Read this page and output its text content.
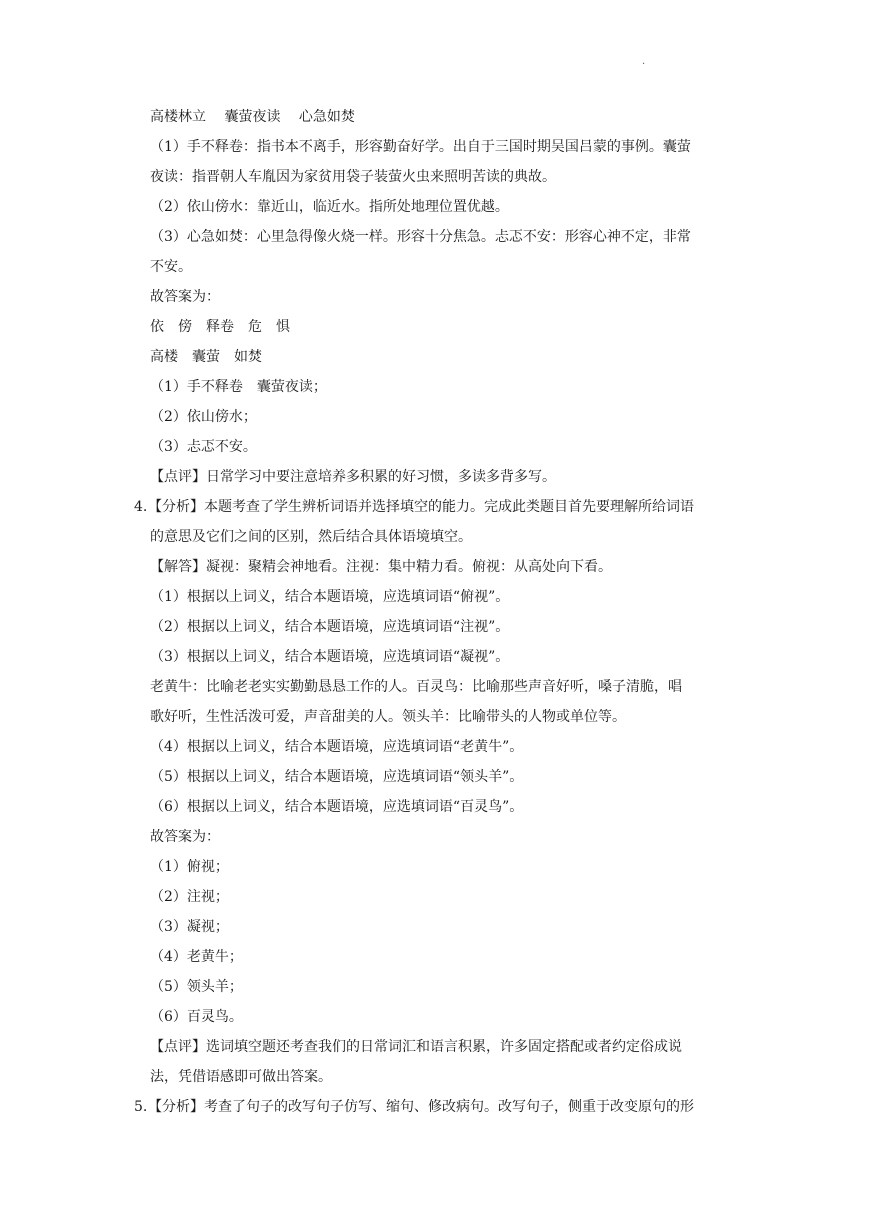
.
高楼林立　 囊萤夜读　 心急如焚
（1）手不释卷：指书本不离手，形容勤奋好学。出自于三国时期吴国吕蒙的事例。囊萤
夜读：指晋朝人车胤因为家贫用袋子装萤火虫来照明苦读的典故。
（2）依山傍水：靠近山，临近水。指所处地理位置优越。
（3）心急如焚：心里急得像火烧一样。形容十分焦急。忐忑不安：形容心神不定，非常
不安。
故答案为：
依　傍　释卷　危　惧
高楼　囊萤　如焚
（1）手不释卷　囊萤夜读；
（2）依山傍水；
（3）忐忑不安。
【点评】日常学习中要注意培养多积累的好习惯，多读多背多写。
4.【分析】本题考查了学生辨析词语并选择填空的能力。完成此类题目首先要理解所给词语
的意思及它们之间的区别，然后结合具体语境填空。
【解答】凝视：聚精会神地看。注视：集中精力看。俯视：从高处向下看。
（1）根据以上词义，结合本题语境，应选填词语“俯视”。
（2）根据以上词义，结合本题语境，应选填词语“注视”。
（3）根据以上词义，结合本题语境，应选填词语“凝视”。
老黄牛：比喻老老实实勤勤恳恳工作的人。百灵鸟：比喻那些声音好听，嗓子清脆，唱
歌好听，生性活泼可爱，声音甜美的人。领头羊：比喻带头的人物或单位等。
（4）根据以上词义，结合本题语境，应选填词语“老黄牛”。
（5）根据以上词义，结合本题语境，应选填词语“领头羊”。
（6）根据以上词义，结合本题语境，应选填词语“百灵鸟”。
故答案为：
（1）俯视；
（2）注视；
（3）凝视；
（4）老黄牛；
（5）领头羊；
（6）百灵鸟。
【点评】选词填空题还考查我们的日常词汇和语言积累，许多固定搭配或者约定俗成说
法，凭借语感即可做出答案。
5.【分析】考查了句子的改写句子仿写、缩句、修改病句。改写句子，侧重于改变原句的形
